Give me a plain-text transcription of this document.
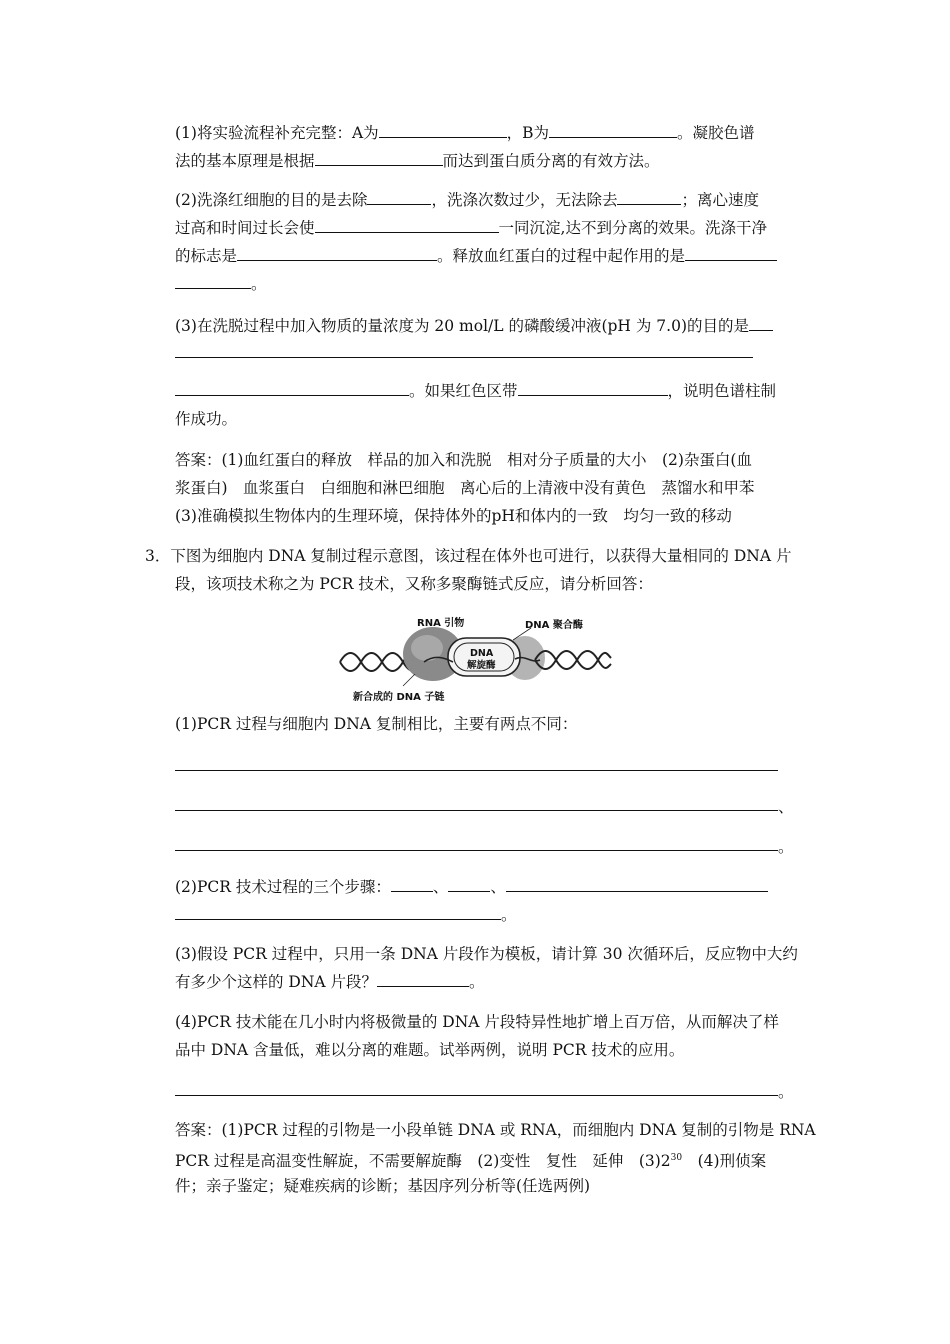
(1)将实验流程补充完整：A为	，B为	。凝胶色谱
法的基本原理是根据	而达到蛋白质分离的有效方法。
(2)洗涤红细胞的目的是去除	，洗涤次数过少，无法除去	；离心速度
过高和时间过长会使	一同沉淀,达不到分离的效果。洗涤干净
的标志是	。释放血红蛋白的过程中起作用的是
。
(3)在洗脱过程中加入物质的量浓度为 20 mol/L 的磷酸缓冲液(pH 为 7.0)的目的是
。如果红色区带	，说明色谱柱制
作成功。
答案：(1)血红蛋白的释放　样品的加入和洗脱　相对分子质量的大小　(2)杂蛋白(血
浆蛋白)　血浆蛋白　白细胞和淋巴细胞　离心后的上清液中没有黄色　蒸馏水和甲苯
(3)准确模拟生物体内的生理环境，保持体外的pH和体内的一致　均匀一致的移动
3．下图为细胞内 DNA 复制过程示意图，该过程在体外也可进行，以获得大量相同的 DNA 片
段，该项技术称之为 PCR 技术，又称多聚酶链式反应，请分析回答：
RNA 引物	DNA 聚合酶
DNA
解旋酶
新合成的 DNA 子链
(1)PCR 过程与细胞内 DNA 复制相比，主要有两点不同：
、
。
(2)PCR 技术过程的三个步骤：	、	、
。
(3)假设 PCR 过程中，只用一条 DNA 片段作为模板，请计算 30 次循环后，反应物中大约
有多少个这样的 DNA 片段？	。
(4)PCR 技术能在几小时内将极微量的 DNA 片段特异性地扩增上百万倍，从而解决了样
品中 DNA 含量低，难以分离的难题。试举两例，说明 PCR 技术的应用。
。
答案：(1)PCR 过程的引物是一小段单链 DNA 或 RNA，而细胞内 DNA 复制的引物是 RNA
PCR 过程是高温变性解旋，不需要解旋酶　(2)变性　复性　延伸　$(3)2^{30}$　(4)刑侦案
件；亲子鉴定；疑难疾病的诊断；基因序列分析等(任选两例)
